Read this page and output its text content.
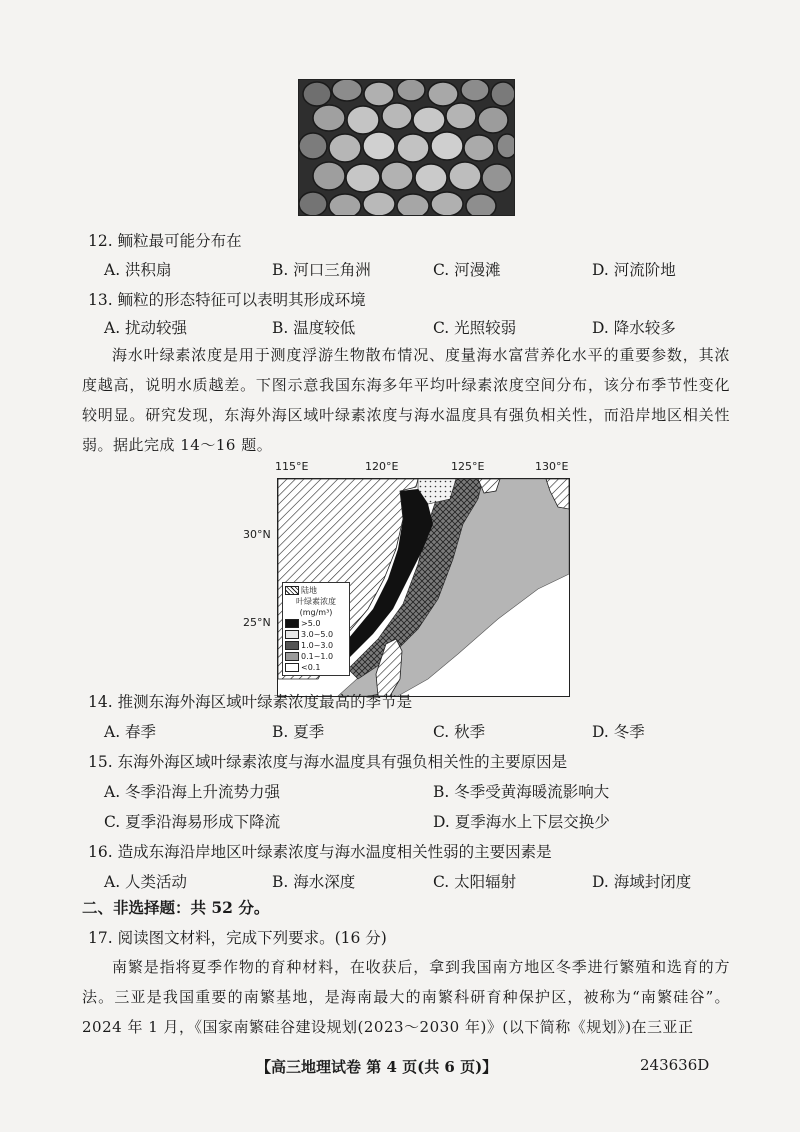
12. 鲕粒最可能分布在
A. 洪积扇	B. 河口三角洲	C. 河漫滩	D. 河流阶地
13. 鲕粒的形态特征可以表明其形成环境
A. 扰动较强	B. 温度较低	C. 光照较弱	D. 降水较多
海水叶绿素浓度是用于测度浮游生物散布情况、度量海水富营养化水平的重要参数，其浓度越高，说明水质越差。下图示意我国东海多年平均叶绿素浓度空间分布，该分布季节性变化较明显。研究发现，东海外海区域叶绿素浓度与海水温度具有强负相关性，而沿岸地区相关性弱。据此完成 14～16 题。
115°E	120°E	125°E	130°E
30°N
25°N
陆地
叶绿素浓度
(mg/m³)
>5.0
3.0~5.0
1.0~3.0
0.1~1.0
<0.1
14. 推测东海外海区域叶绿素浓度最高的季节是
A. 春季	B. 夏季	C. 秋季	D. 冬季
15. 东海外海区域叶绿素浓度与海水温度具有强负相关性的主要原因是
A. 冬季沿海上升流势力强	B. 冬季受黄海暖流影响大
C. 夏季沿海易形成下降流	D. 夏季海水上下层交换少
16. 造成东海沿岸地区叶绿素浓度与海水温度相关性弱的主要因素是
A. 人类活动	B. 海水深度	C. 太阳辐射	D. 海域封闭度
二、非选择题：共 52 分。
17. 阅读图文材料，完成下列要求。(16 分)
南繁是指将夏季作物的育种材料，在收获后，拿到我国南方地区冬季进行繁殖和选育的方法。三亚是我国重要的南繁基地，是海南最大的南繁科研育种保护区，被称为“南繁硅谷”。2024 年 1 月，《国家南繁硅谷建设规划(2023～2030 年)》(以下简称《规划》)在三亚正
【高三地理试卷 第 4 页(共 6 页)】	243636D
